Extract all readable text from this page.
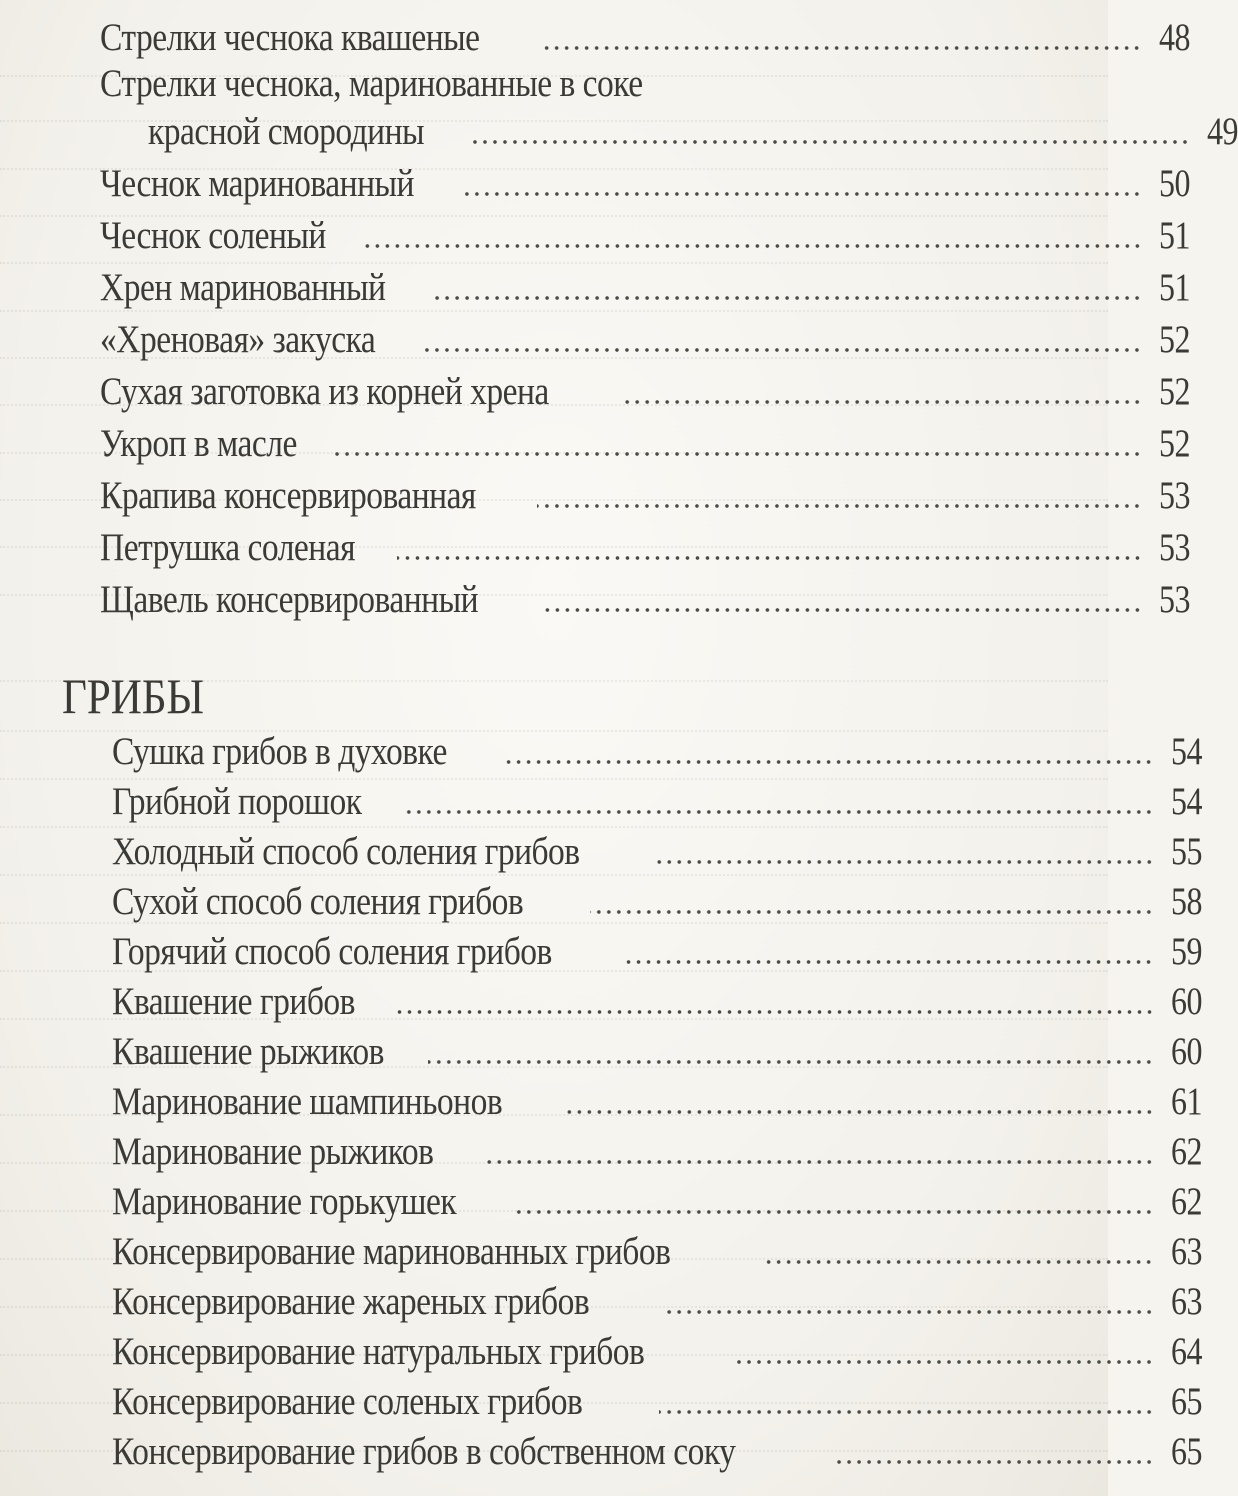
Стрелки чеснока квашеные	48
Стрелки чеснока, маринованные в соке
красной смородины	49
Чеснок маринованный	50
Чеснок соленый	51
Хрен маринованный	51
«Хреновая» закуска	52
Сухая заготовка из корней хрена	52
Укроп в масле	52
Крапива консервированная	53
Петрушка соленая	53
Щавель консервированный	53
ГРИБЫ
Сушка грибов в духовке	54
Грибной порошок	54
Холодный способ соления грибов	55
Сухой способ соления грибов	58
Горячий способ соления грибов	59
Квашение грибов	60
Квашение рыжиков	60
Маринование шампиньонов	61
Маринование рыжиков	62
Маринование горькушек	62
Консервирование маринованных грибов	63
Консервирование жареных грибов	63
Консервирование натуральных грибов	64
Консервирование соленых грибов	65
Консервирование грибов в собственном соку	65
